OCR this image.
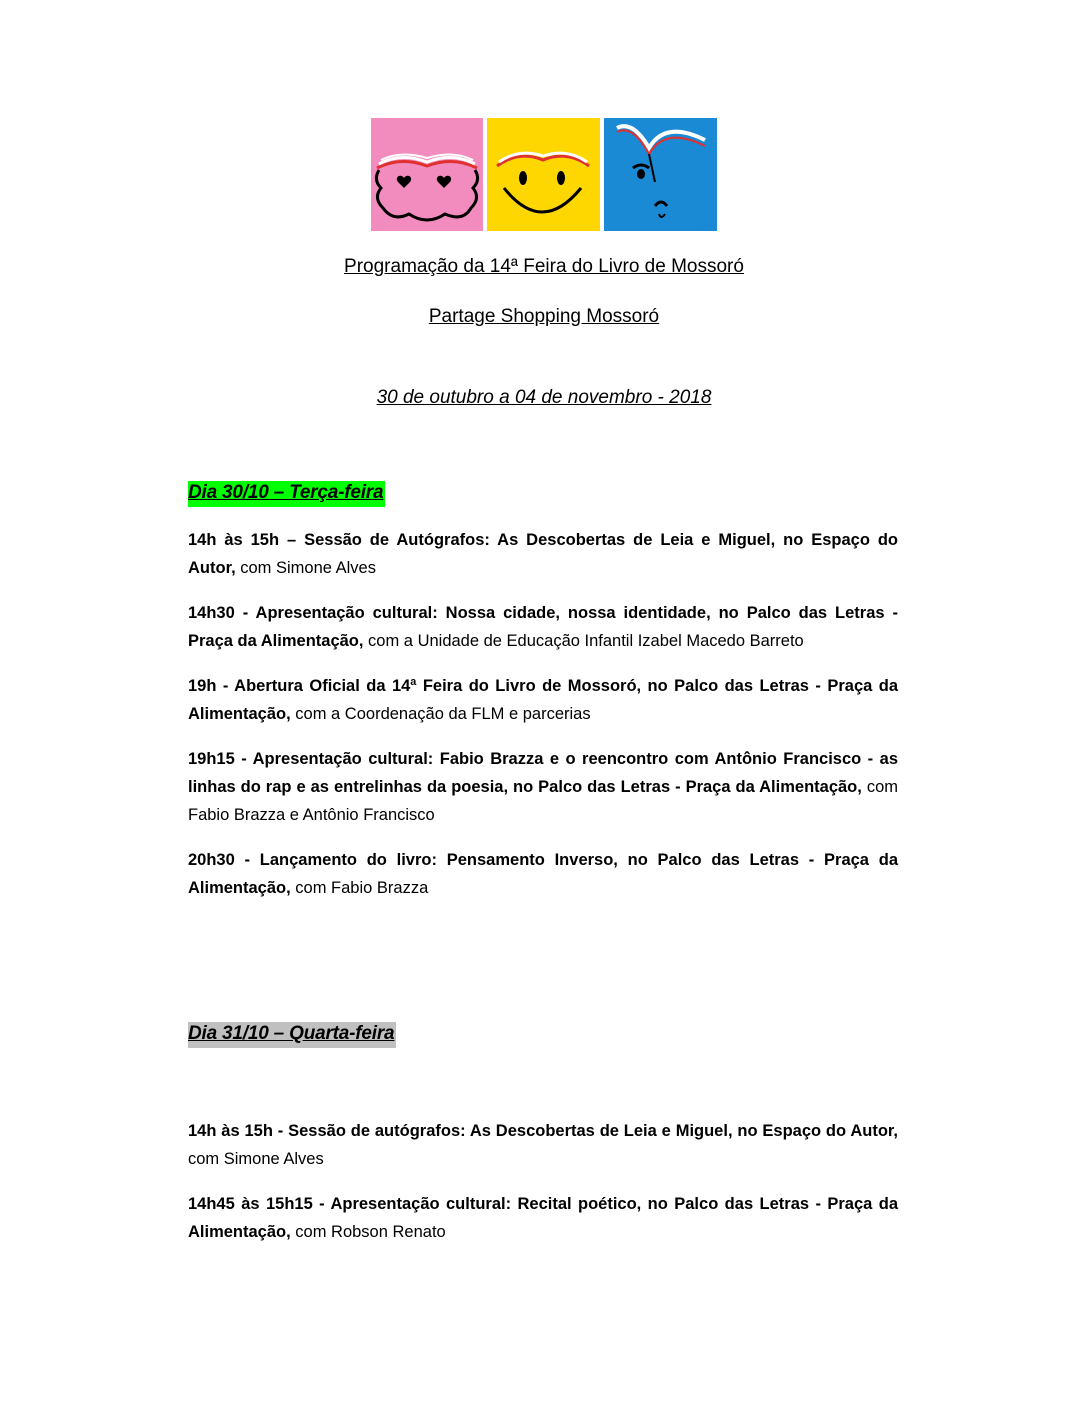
Programação da 14ª Feira do Livro de Mossoró
Partage Shopping Mossoró
30 de outubro a 04 de novembro - 2018
Dia 30/10 – Terça-feira
14h às 15h – Sessão de Autógrafos: As Descobertas de Leia e Miguel, no Espaço do Autor, com Simone Alves
14h30 - Apresentação cultural: Nossa cidade, nossa identidade, no Palco das Letras - Praça da Alimentação, com a Unidade de Educação Infantil Izabel Macedo Barreto
19h - Abertura Oficial da 14ª Feira do Livro de Mossoró, no Palco das Letras - Praça da Alimentação, com a Coordenação da FLM e parcerias
19h15 - Apresentação cultural: Fabio Brazza e o reencontro com Antônio Francisco - as linhas do rap e as entrelinhas da poesia, no Palco das Letras - Praça da Alimentação, com Fabio Brazza e Antônio Francisco
20h30 - Lançamento do livro: Pensamento Inverso, no Palco das Letras - Praça da Alimentação, com Fabio Brazza
Dia 31/10 – Quarta-feira
14h às 15h - Sessão de autógrafos: As Descobertas de Leia e Miguel, no Espaço do Autor, com Simone Alves
14h45 às 15h15 - Apresentação cultural: Recital poético, no Palco das Letras - Praça da Alimentação, com Robson Renato
